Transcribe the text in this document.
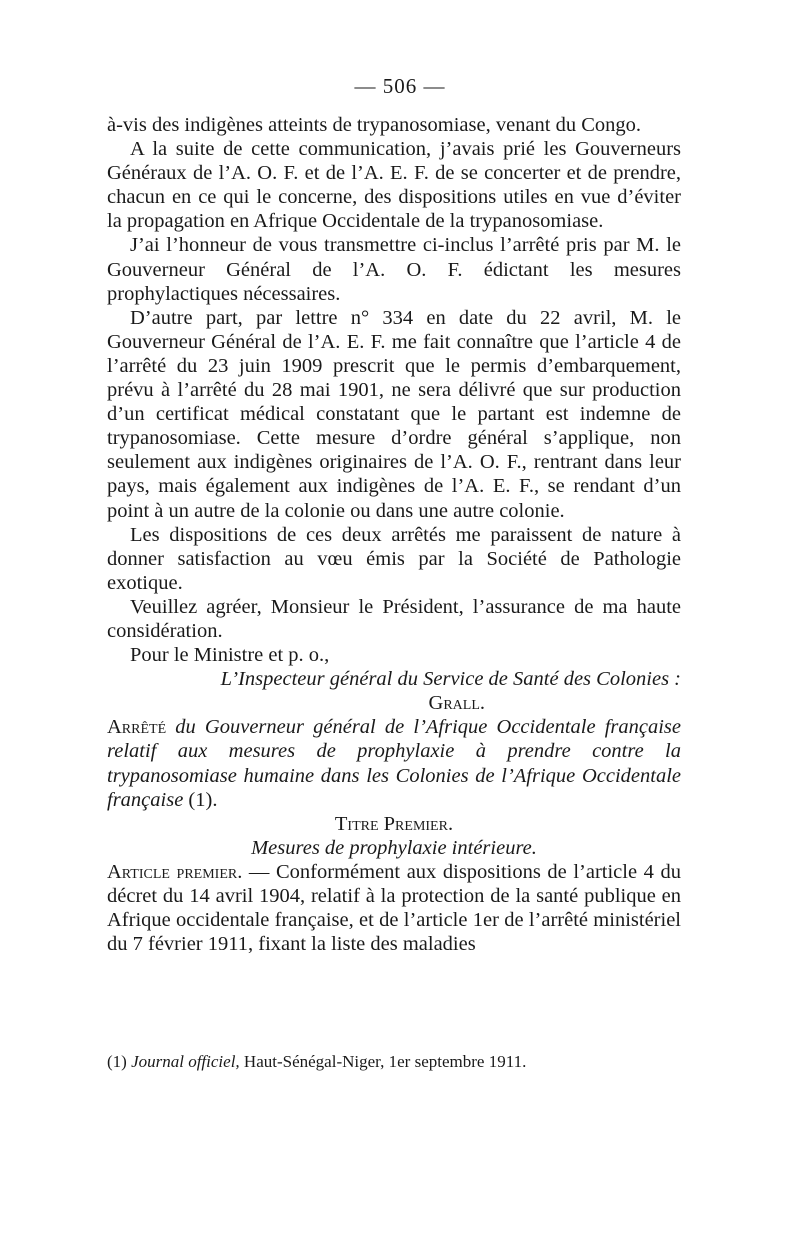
— 506 —

à-vis des indigènes atteints de trypanosomiase, venant du Congo.

A la suite de cette communication, j’avais prié les Gouverneurs Généraux de l’A. O. F. et de l’A. E. F. de se concerter et de prendre, chacun en ce qui le concerne, des dispositions utiles en vue d’éviter la propagation en Afrique Occidentale de la trypanosomiase.

J’ai l’honneur de vous transmettre ci-inclus l’arrêté pris par M. le Gouverneur Général de l’A. O. F. édictant les mesures prophylactiques nécessaires.

D’autre part, par lettre n° 334 en date du 22 avril, M. le Gouverneur Général de l’A. E. F. me fait connaître que l’article 4 de l’arrêté du 23 juin 1909 prescrit que le permis d’embarquement, prévu à l’arrêté du 28 mai 1901, ne sera délivré que sur production d’un certificat médical constatant que le partant est indemne de trypanosomiase. Cette mesure d’ordre général s’applique, non seulement aux indigènes originaires de l’A. O. F., rentrant dans leur pays, mais également aux indigènes de l’A. E. F., se rendant d’un point à un autre de la colonie ou dans une autre colonie.

Les dispositions de ces deux arrêtés me paraissent de nature à donner satisfaction au vœu émis par la Société de Pathologie exotique.

Veuillez agréer, Monsieur le Président, l’assurance de ma haute considération.

Pour le Ministre et p. o.,

L’Inspecteur général du Service de Santé des Colonies :

Grall.

Arrêté du Gouverneur général de l’Afrique Occidentale française relatif aux mesures de prophylaxie à prendre contre la trypanosomiase humaine dans les Colonies de l’Afrique Occidentale française (1).

Titre Premier.

Mesures de prophylaxie intérieure.

Article premier. — Conformément aux dispositions de l’article 4 du décret du 14 avril 1904, relatif à la protection de la santé publique en Afrique occidentale française, et de l’article 1er de l’arrêté ministériel du 7 février 1911, fixant la liste des maladies

(1) Journal officiel, Haut-Sénégal-Niger, 1er septembre 1911.
